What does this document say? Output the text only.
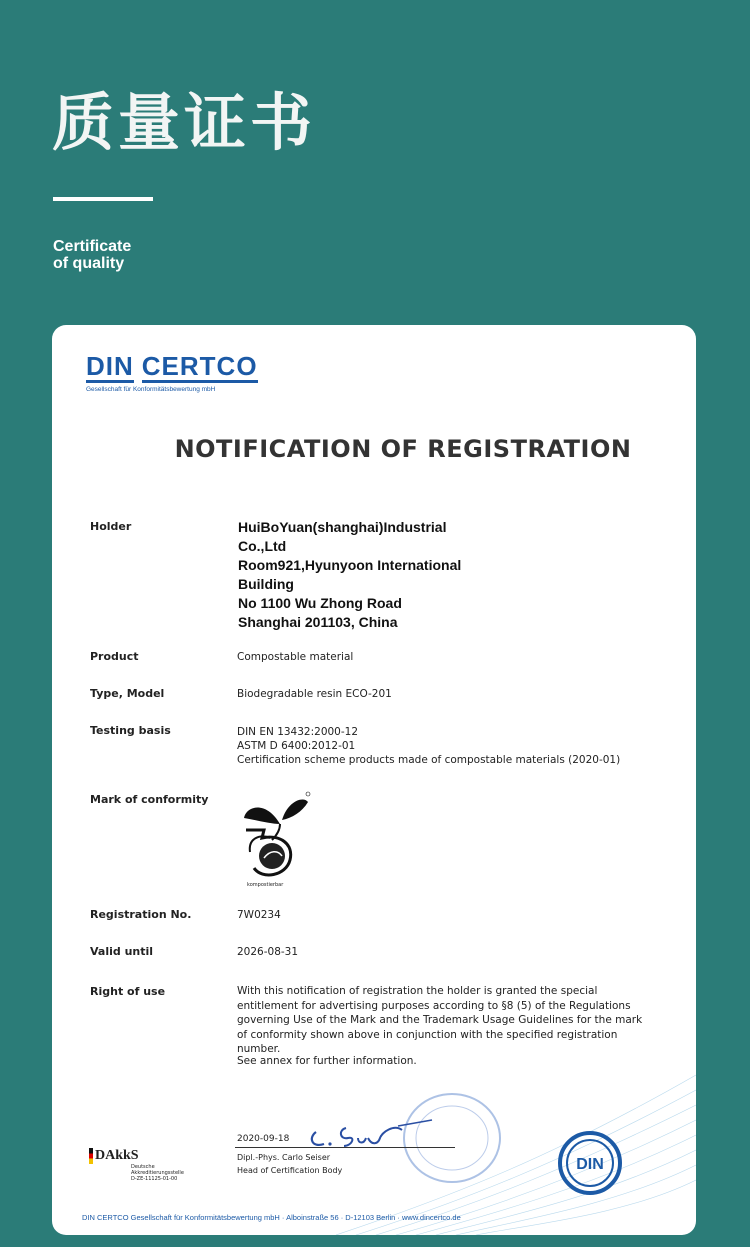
质量证书
Certificate
of quality
DIN CERTCO
Gesellschaft für Konformitätsbewertung mbH
NOTIFICATION OF REGISTRATION
Holder	HuiBoYuan(shanghai)Industrial
Co.,Ltd
Room921,Hyunyoon International
Building
No 1100 Wu Zhong Road
Shanghai 201103, China
Product	Compostable material
Type, Model	Biodegradable resin ECO-201
Testing basis	DIN EN 13432:2000-12
ASTM D 6400:2012-01
Certification scheme products made of compostable materials (2020-01)
Mark of conformity
kompostierbar
Registration No.	7W0234
Valid until	2026-08-31
Right of use	With this notification of registration the holder is granted the special entitlement for advertising purposes according to §8 (5) of the Regulations governing Use of the Mark and the Trademark Usage Guidelines for the mark of conformity shown above in conjunction with the specified registration number.
See annex for further information.
2020-09-18
Dipl.-Phys. Carlo Seiser
Head of Certification Body
DAkkS
Deutsche
Akkreditierungsstelle
D-ZE-11125-01-00
DIN
DIN CERTCO Gesellschaft für Konformitätsbewertung mbH · Alboinstraße 56 · D-12103 Berlin · www.dincertco.de
